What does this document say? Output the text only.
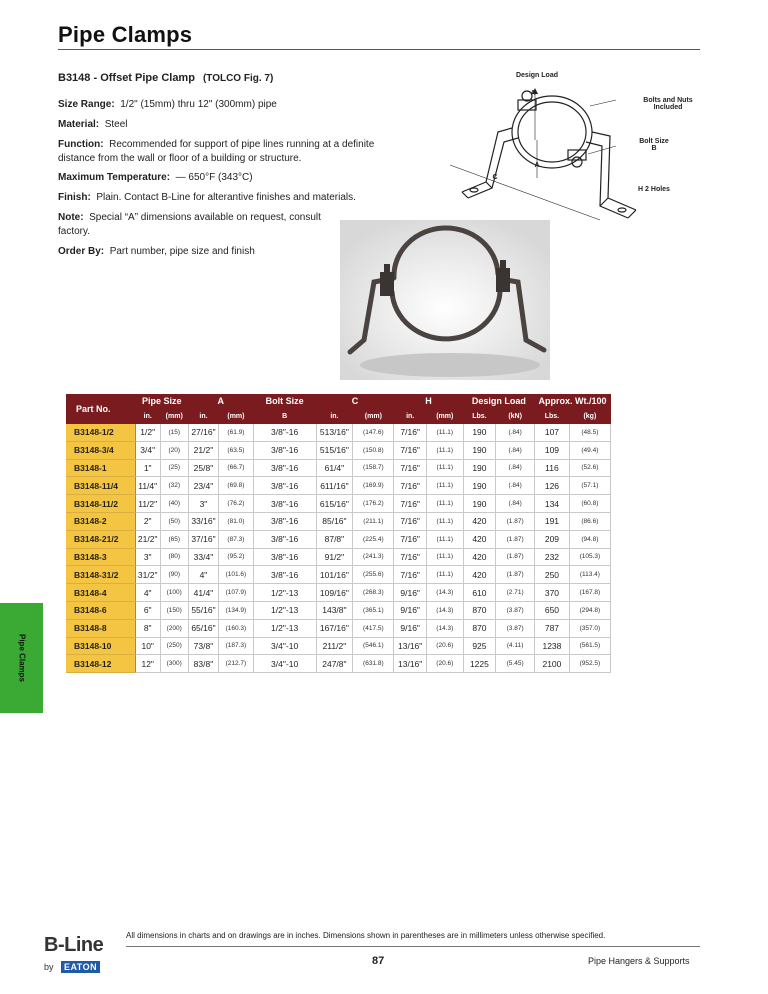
Pipe Clamps
B3148 - Offset Pipe Clamp (TOLCO Fig. 7)
Size Range: 1/2" (15mm) thru 12" (300mm) pipe
Material: Steel
Function: Recommended for support of pipe lines running at a definite distance from the wall or floor of a building or structure.
Maximum Temperature: — 650°F (343°C)
Finish: Plain. Contact B-Line for alterantive finishes and materials.
Note: Special “A” dimensions available on request, consult factory.
Order By: Part number, pipe size and finish
Design Load
A
Bolts and Nuts Included
Bolt Size B
A
C
H 2 Holes
Part No.	Pipe Size		A		Bolt Size	C		H		Design Load		Approx. Wt./100	
	in.	(mm)	in.	(mm)	B	in.	(mm)	in.	(mm)	Lbs.	(kN)	Lbs.	(kg)
B3148-1/2	1/2"	(15)	27/16"	(61.9)	3/8"-16	513/16"	(147.6)	7/16"	(11.1)	190	(.84)	107	(48.5)
B3148-3/4	3/4"	(20)	21/2"	(63.5)	3/8"-16	515/16"	(150.8)	7/16"	(11.1)	190	(.84)	109	(49.4)
B3148-1	1"	(25)	25/8"	(66.7)	3/8"-16	61/4"	(158.7)	7/16"	(11.1)	190	(.84)	116	(52.6)
B3148-11/4	11/4"	(32)	23/4"	(69.8)	3/8"-16	611/16"	(169.9)	7/16"	(11.1)	190	(.84)	126	(57.1)
B3148-11/2	11/2"	(40)	3"	(76.2)	3/8"-16	615/16"	(176.2)	7/16"	(11.1)	190	(.84)	134	(60.8)
B3148-2	2"	(50)	33/16"	(81.0)	3/8"-16	85/16"	(211.1)	7/16"	(11.1)	420	(1.87)	191	(86.6)
B3148-21/2	21/2"	(65)	37/16"	(87.3)	3/8"-16	87/8"	(225.4)	7/16"	(11.1)	420	(1.87)	209	(94.8)
B3148-3	3"	(80)	33/4"	(95.2)	3/8"-16	91/2"	(241.3)	7/16"	(11.1)	420	(1.87)	232	(105.3)
B3148-31/2	31/2"	(90)	4"	(101.6)	3/8"-16	101/16"	(255.6)	7/16"	(11.1)	420	(1.87)	250	(113.4)
B3148-4	4"	(100)	41/4"	(107.9)	1/2"-13	109/16"	(268.3)	9/16"	(14.3)	610	(2.71)	370	(167.8)
B3148-6	6"	(150)	55/16"	(134.9)	1/2"-13	143/8"	(365.1)	9/16"	(14.3)	870	(3.87)	650	(294.8)
B3148-8	8"	(200)	65/16"	(160.3)	1/2"-13	167/16"	(417.5)	9/16"	(14.3)	870	(3.87)	787	(357.0)
B3148-10	10"	(250)	73/8"	(187.3)	3/4"-10	211/2"	(546.1)	13/16"	(20.6)	925	(4.11)	1238	(561.5)
B3148-12	12"	(300)	83/8"	(212.7)	3/4"-10	247/8"	(631.8)	13/16"	(20.6)	1225	(5.45)	2100	(952.5)
Pipe Clamps
B-Line
by EATON
All dimensions in charts and on drawings are in inches. Dimensions shown in parentheses are in millimeters unless otherwise specified.
87	Pipe Hangers & Supports
